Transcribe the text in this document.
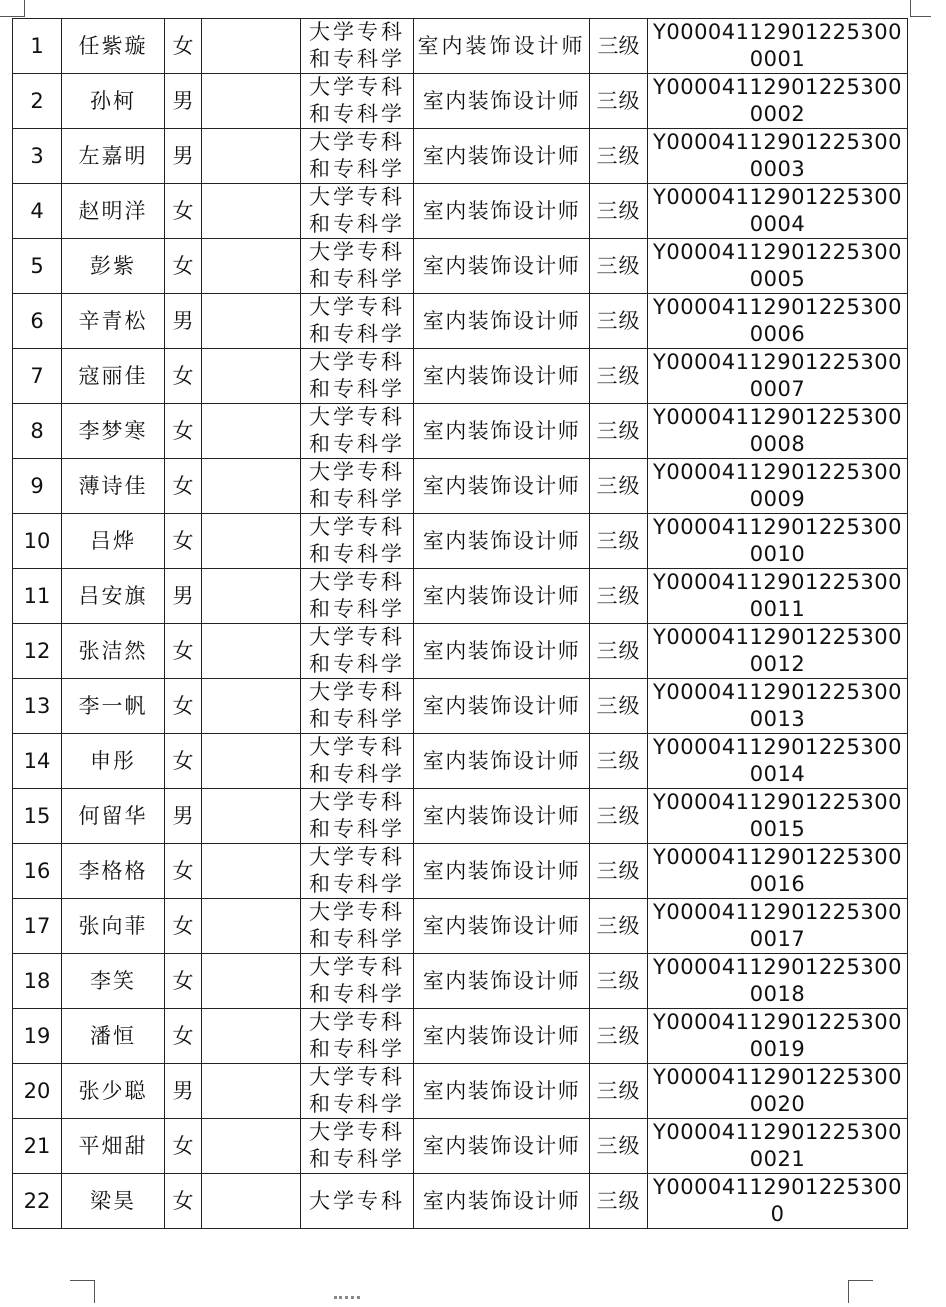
1	任紫璇	女		大学专科和专科学	室内装饰设计师	三级	Y00004112901225300
0001
2	孙柯	男		大学专科和专科学	室内装饰设计师	三级	Y00004112901225300
0002
3	左嘉明	男		大学专科和专科学	室内装饰设计师	三级	Y00004112901225300
0003
4	赵明洋	女		大学专科和专科学	室内装饰设计师	三级	Y00004112901225300
0004
5	彭紫	女		大学专科和专科学	室内装饰设计师	三级	Y00004112901225300
0005
6	辛青松	男		大学专科和专科学	室内装饰设计师	三级	Y00004112901225300
0006
7	寇丽佳	女		大学专科和专科学	室内装饰设计师	三级	Y00004112901225300
0007
8	李梦寒	女		大学专科和专科学	室内装饰设计师	三级	Y00004112901225300
0008
9	薄诗佳	女		大学专科和专科学	室内装饰设计师	三级	Y00004112901225300
0009
10	吕烨	女		大学专科和专科学	室内装饰设计师	三级	Y00004112901225300
0010
11	吕安旗	男		大学专科和专科学	室内装饰设计师	三级	Y00004112901225300
0011
12	张洁然	女		大学专科和专科学	室内装饰设计师	三级	Y00004112901225300
0012
13	李一帆	女		大学专科和专科学	室内装饰设计师	三级	Y00004112901225300
0013
14	申彤	女		大学专科和专科学	室内装饰设计师	三级	Y00004112901225300
0014
15	何留华	男		大学专科和专科学	室内装饰设计师	三级	Y00004112901225300
0015
16	李格格	女		大学专科和专科学	室内装饰设计师	三级	Y00004112901225300
0016
17	张向菲	女		大学专科和专科学	室内装饰设计师	三级	Y00004112901225300
0017
18	李笑	女		大学专科和专科学	室内装饰设计师	三级	Y00004112901225300
0018
19	潘恒	女		大学专科和专科学	室内装饰设计师	三级	Y00004112901225300
0019
20	张少聪	男		大学专科和专科学	室内装饰设计师	三级	Y00004112901225300
0020
21	平畑甜	女		大学专科和专科学	室内装饰设计师	三级	Y00004112901225300
0021
22	梁昊	女		大学专科	室内装饰设计师	三级	Y00004112901225300
0
